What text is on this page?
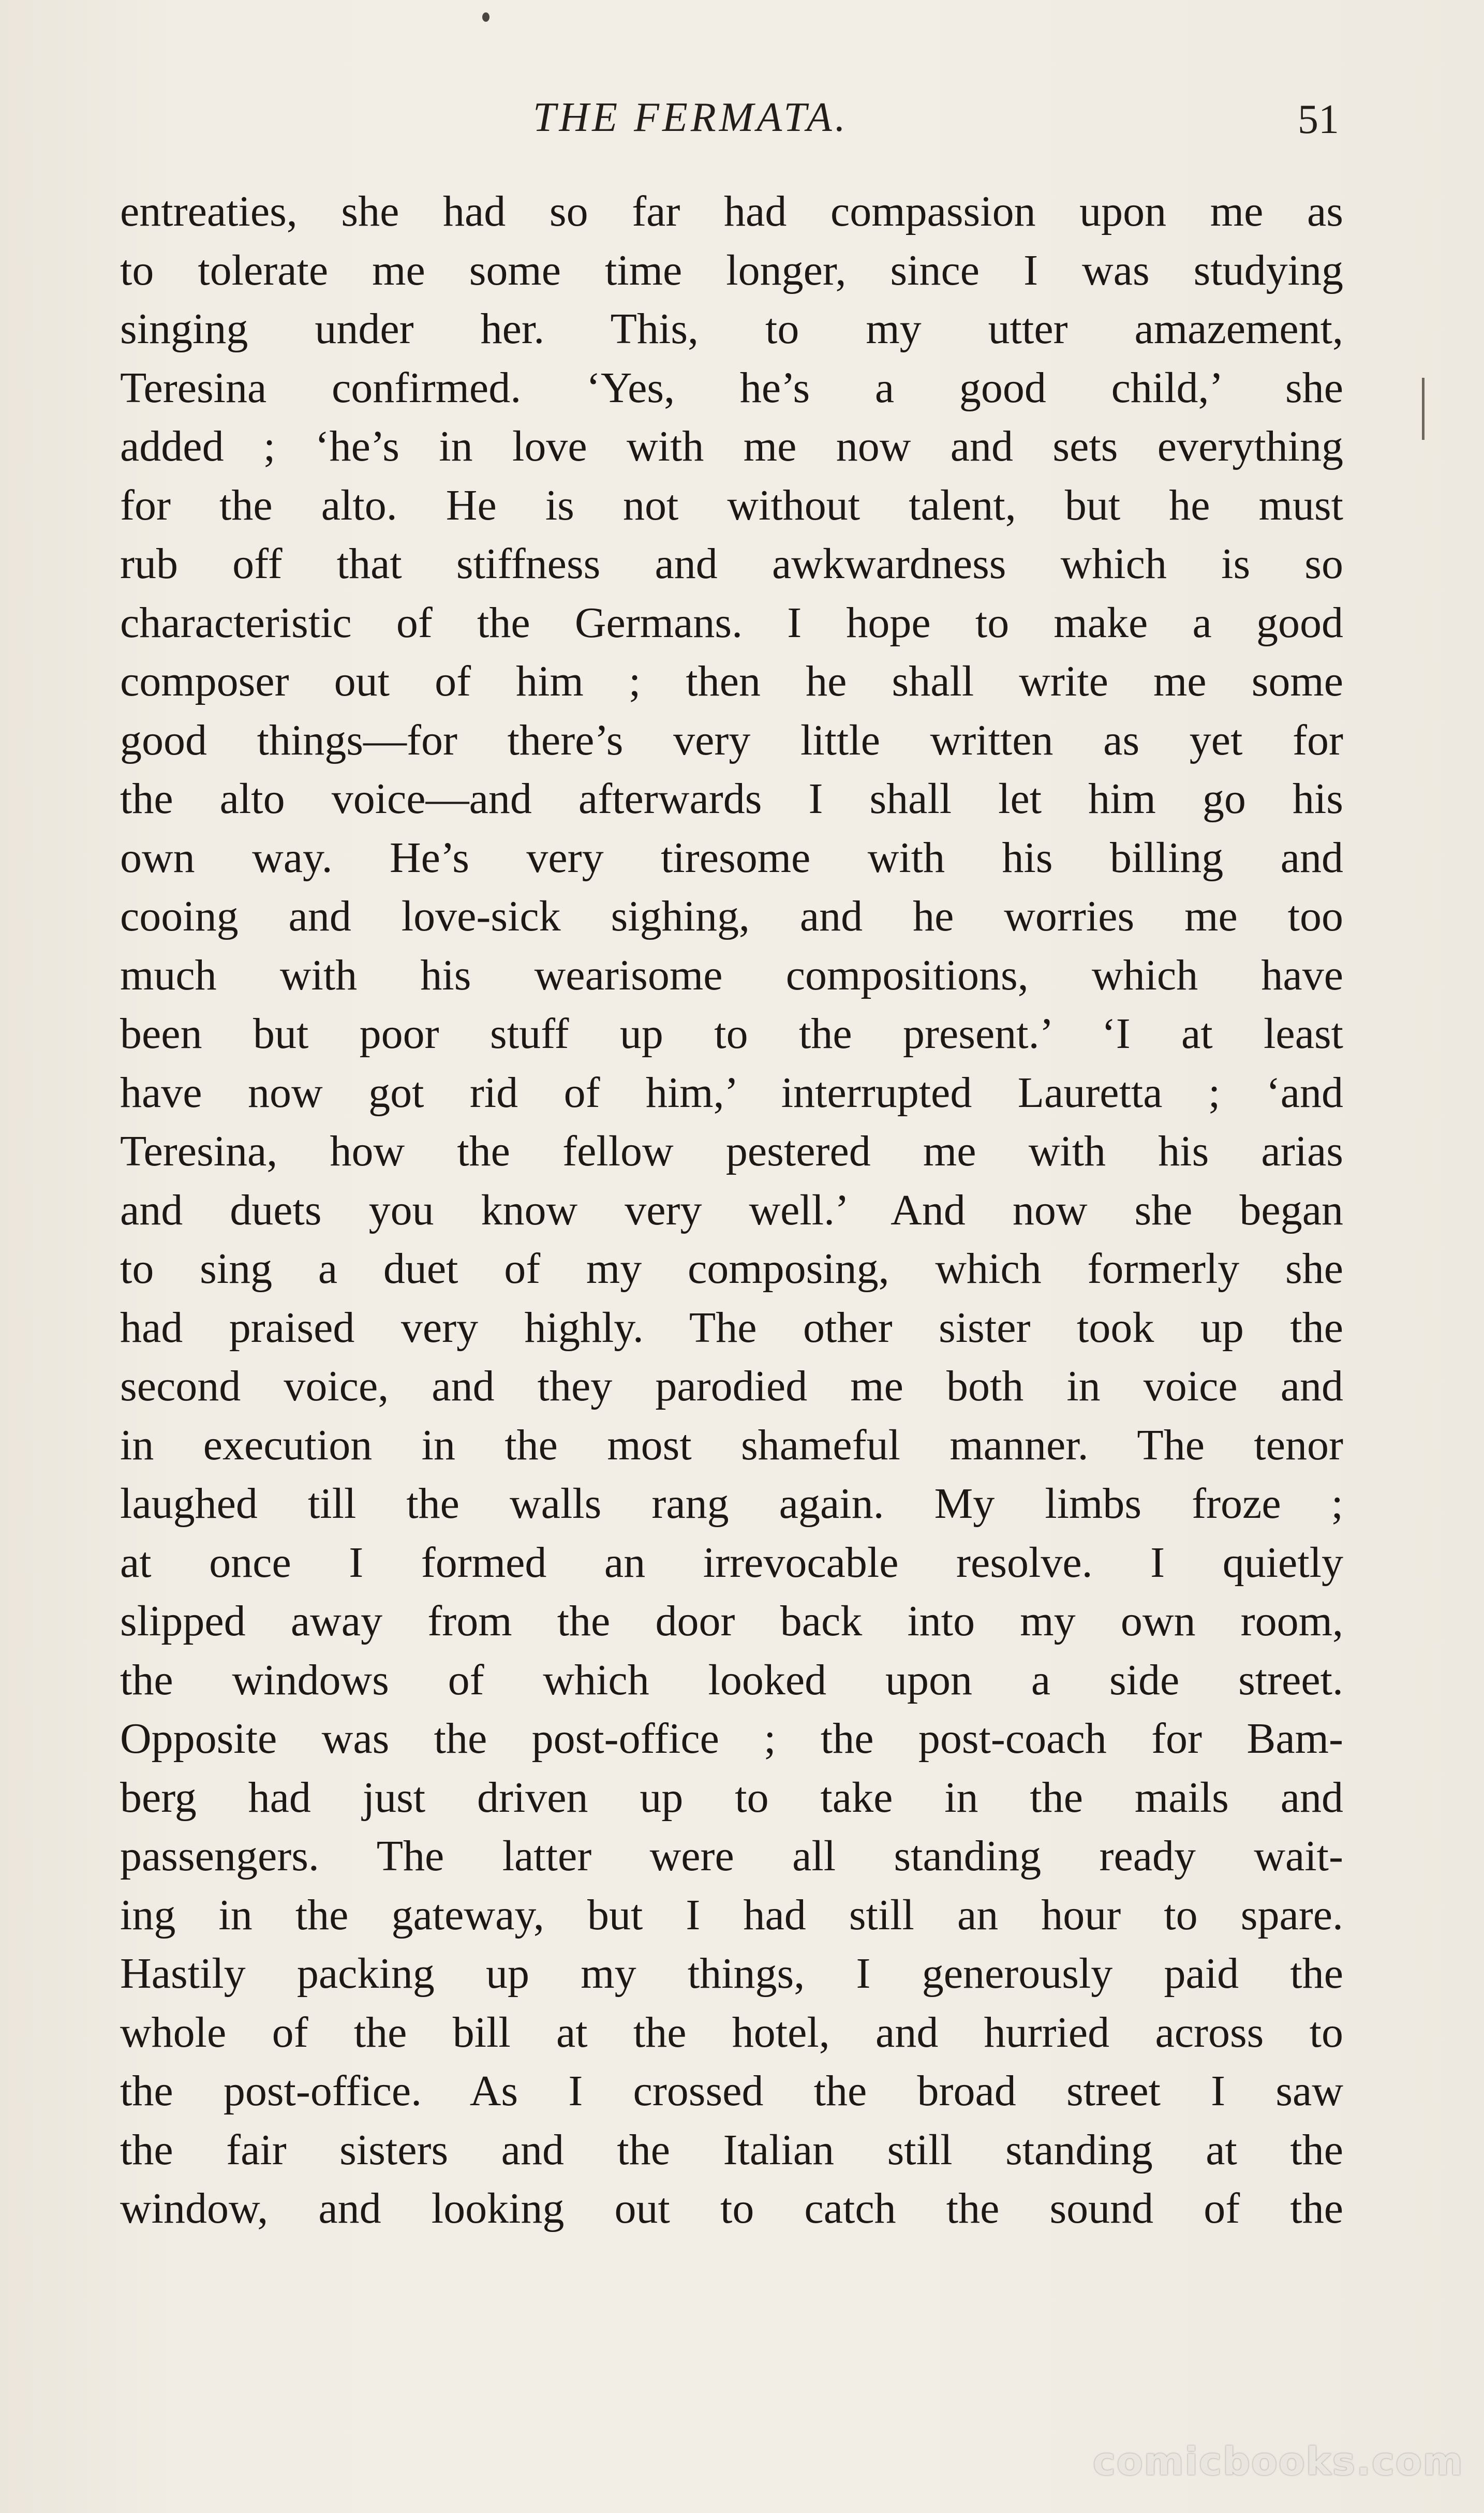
THE FERMATA.	51
entreaties, she had so far had compassion upon me as
to tolerate me some time longer, since I was studying
singing under her. This, to my utter amazement,
Teresina confirmed. ‘Yes, he’s a good child,’ she
added ; ‘he’s in love with me now and sets everything
for the alto. He is not without talent, but he must
rub off that stiffness and awkwardness which is so
characteristic of the Germans. I hope to make a good
composer out of him ; then he shall write me some
good things—for there’s very little written as yet for
the alto voice—and afterwards I shall let him go his
own way. He’s very tiresome with his billing and
cooing and love-sick sighing, and he worries me too
much with his wearisome compositions, which have
been but poor stuff up to the present.’ ‘I at least
have now got rid of him,’ interrupted Lauretta ; ‘and
Teresina, how the fellow pestered me with his arias
and duets you know very well.’ And now she began
to sing a duet of my composing, which formerly she
had praised very highly. The other sister took up the
second voice, and they parodied me both in voice and
in execution in the most shameful manner. The tenor
laughed till the walls rang again. My limbs froze ;
at once I formed an irrevocable resolve. I quietly
slipped away from the door back into my own room,
the windows of which looked upon a side street.
Opposite was the post-office ; the post-coach for Bam-
berg had just driven up to take in the mails and
passengers. The latter were all standing ready wait-
ing in the gateway, but I had still an hour to spare.
Hastily packing up my things, I generously paid the
whole of the bill at the hotel, and hurried across to
the post-office. As I crossed the broad street I saw
the fair sisters and the Italian still standing at the
window, and looking out to catch the sound of the
comicbooks.com
